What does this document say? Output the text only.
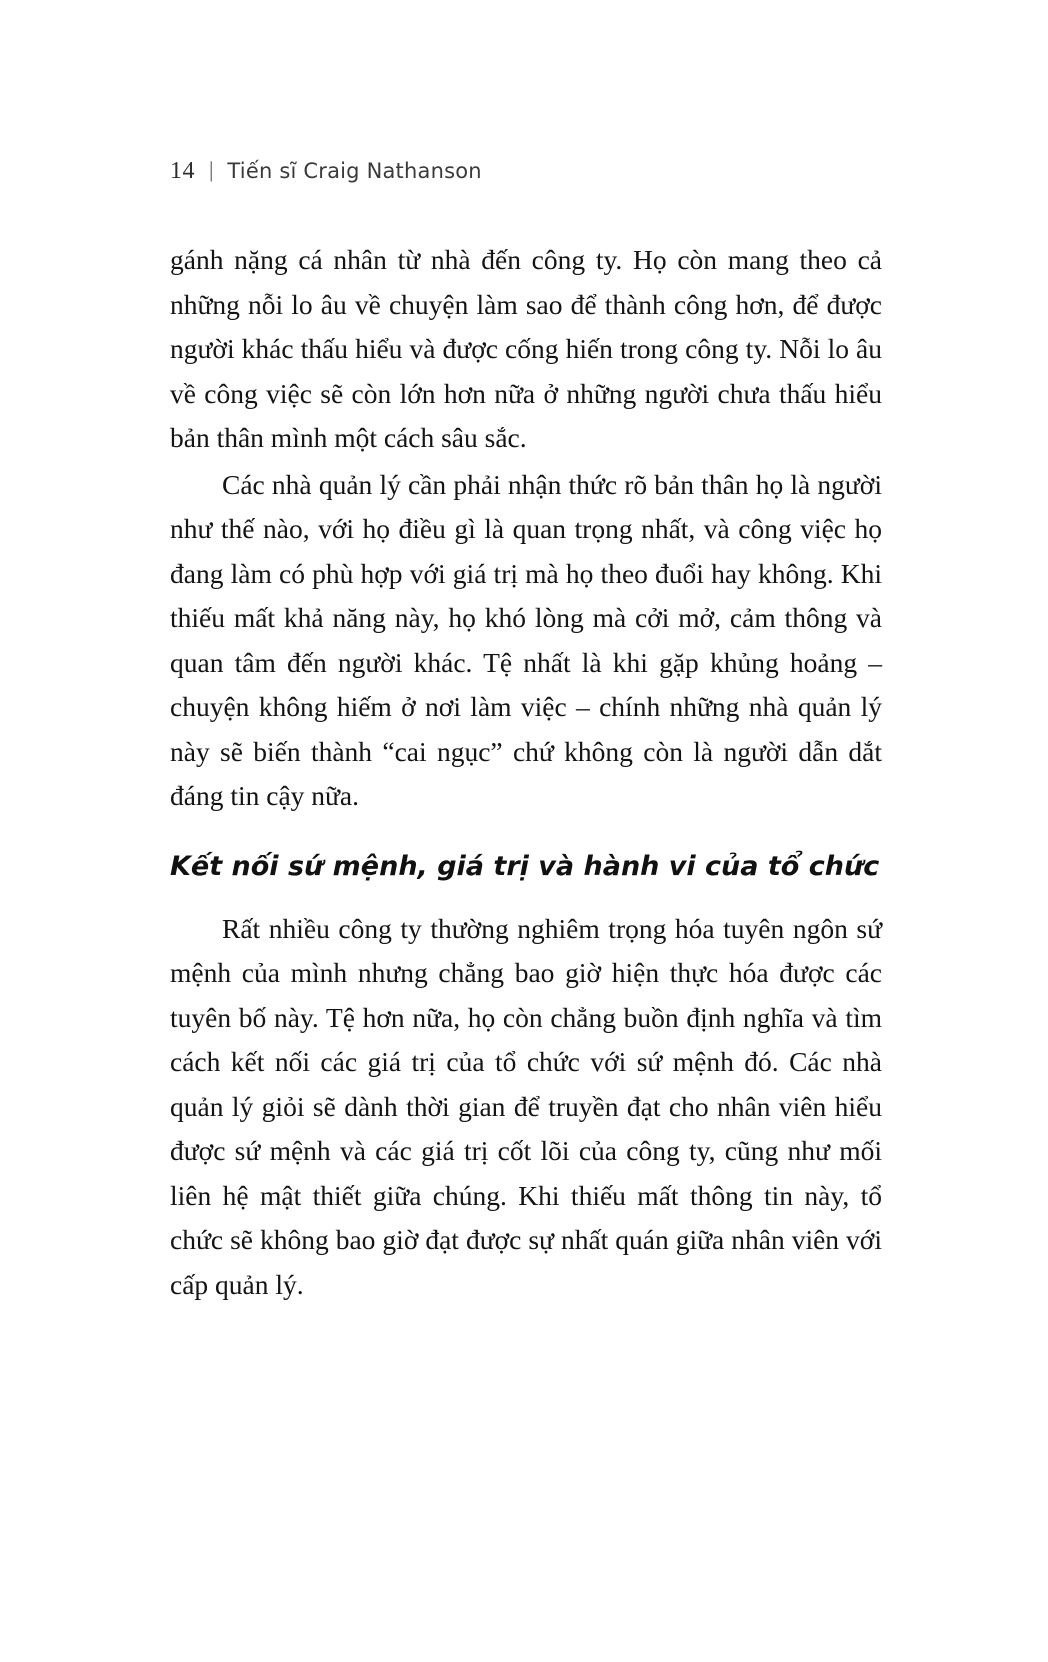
14 | Tiến sĩ Craig Nathanson

gánh nặng cá nhân từ nhà đến công ty. Họ còn mang theo cả những nỗi lo âu về chuyện làm sao để thành công hơn, để được người khác thấu hiểu và được cống hiến trong công ty. Nỗi lo âu về công việc sẽ còn lớn hơn nữa ở những người chưa thấu hiểu bản thân mình một cách sâu sắc.

Các nhà quản lý cần phải nhận thức rõ bản thân họ là người như thế nào, với họ điều gì là quan trọng nhất, và công việc họ đang làm có phù hợp với giá trị mà họ theo đuổi hay không. Khi thiếu mất khả năng này, họ khó lòng mà cởi mở, cảm thông và quan tâm đến người khác. Tệ nhất là khi gặp khủng hoảng – chuyện không hiếm ở nơi làm việc – chính những nhà quản lý này sẽ biến thành “cai ngục” chứ không còn là người dẫn dắt đáng tin cậy nữa.

Kết nối sứ mệnh, giá trị và hành vi của tổ chức

Rất nhiều công ty thường nghiêm trọng hóa tuyên ngôn sứ mệnh của mình nhưng chẳng bao giờ hiện thực hóa được các tuyên bố này. Tệ hơn nữa, họ còn chẳng buồn định nghĩa và tìm cách kết nối các giá trị của tổ chức với sứ mệnh đó. Các nhà quản lý giỏi sẽ dành thời gian để truyền đạt cho nhân viên hiểu được sứ mệnh và các giá trị cốt lõi của công ty, cũng như mối liên hệ mật thiết giữa chúng. Khi thiếu mất thông tin này, tổ chức sẽ không bao giờ đạt được sự nhất quán giữa nhân viên với cấp quản lý.
